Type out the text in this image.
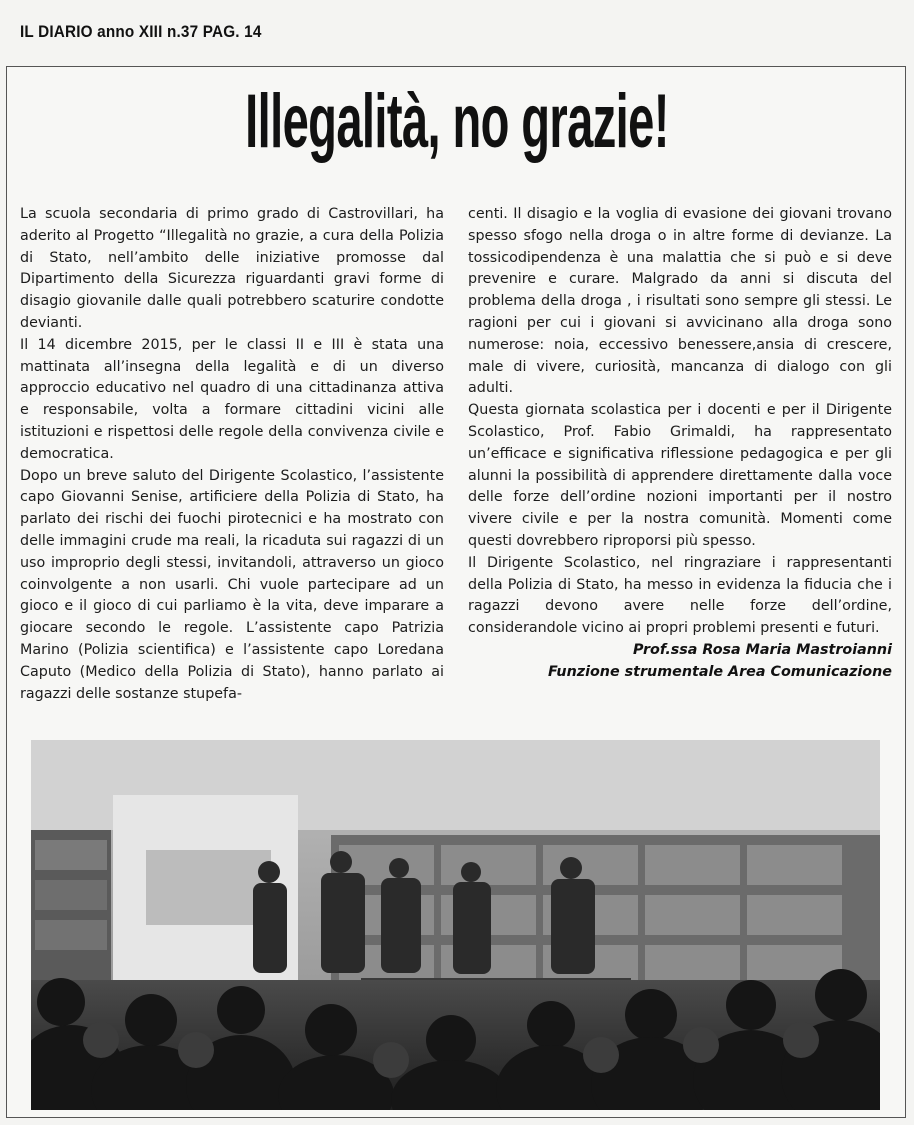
IL DIARIO anno XIII n.37 PAG. 14
Illegalità, no grazie!

La scuola secondaria di primo grado di Castrovillari, ha aderito al Progetto “Illegalità no grazie, a cura della Polizia di Stato, nell’ambito delle iniziative promosse dal Dipartimento della Sicurezza riguardanti gravi forme di disagio giovanile dalle quali potrebbero scaturire condotte devianti.

Il 14 dicembre 2015, per le classi II e III è stata una mattinata all’insegna della legalità e di un diverso approccio educativo nel quadro di una cittadinanza attiva e responsabile, volta a formare cittadini vicini alle istituzioni e rispettosi delle regole della convivenza civile e democratica.

Dopo un breve saluto del Dirigente Scolastico, l’assistente capo Giovanni Senise, artificiere della Polizia di Stato, ha parlato dei rischi dei fuochi pirotecnici e ha mostrato con delle immagini crude ma reali, la ricaduta sui ragazzi di un uso improprio degli stessi, invitandoli, attraverso un gioco coinvolgente a non usarli. Chi vuole partecipare ad un gioco e il gioco di cui parliamo è la vita, deve imparare a giocare secondo le regole. L’assistente capo Patrizia Marino (Polizia scientifica) e l’assistente capo Loredana Caputo (Medico della Polizia di Stato), hanno parlato ai ragazzi delle sostanze stupefa-

centi. Il disagio e la voglia di evasione dei giovani trovano spesso sfogo nella droga o in altre forme di devianze. La tossicodipendenza è una malattia che si può e si deve prevenire e curare. Malgrado da anni si discuta del problema della droga , i risultati sono sempre gli stessi. Le ragioni per cui i giovani si avvicinano alla droga sono numerose: noia, eccessivo benessere,ansia di crescere, male di vivere, curiosità, mancanza di dialogo con gli adulti.

Questa giornata scolastica per i docenti e per il Dirigente Scolastico, Prof. Fabio Grimaldi, ha rappresentato un’efficace e significativa riflessione pedagogica e per gli alunni la possibilità di apprendere direttamente dalla voce delle forze dell’ordine nozioni importanti per il nostro vivere civile e per la nostra comunità. Momenti come questi dovrebbero riproporsi più spesso.

Il Dirigente Scolastico, nel ringraziare i rappresentanti della Polizia di Stato, ha messo in evidenza la fiducia che i ragazzi devono avere nelle forze dell’ordine, considerandole vicino ai propri problemi presenti e futuri.

Prof.ssa Rosa Maria Mastroianni
Funzione strumentale Area Comunicazione
